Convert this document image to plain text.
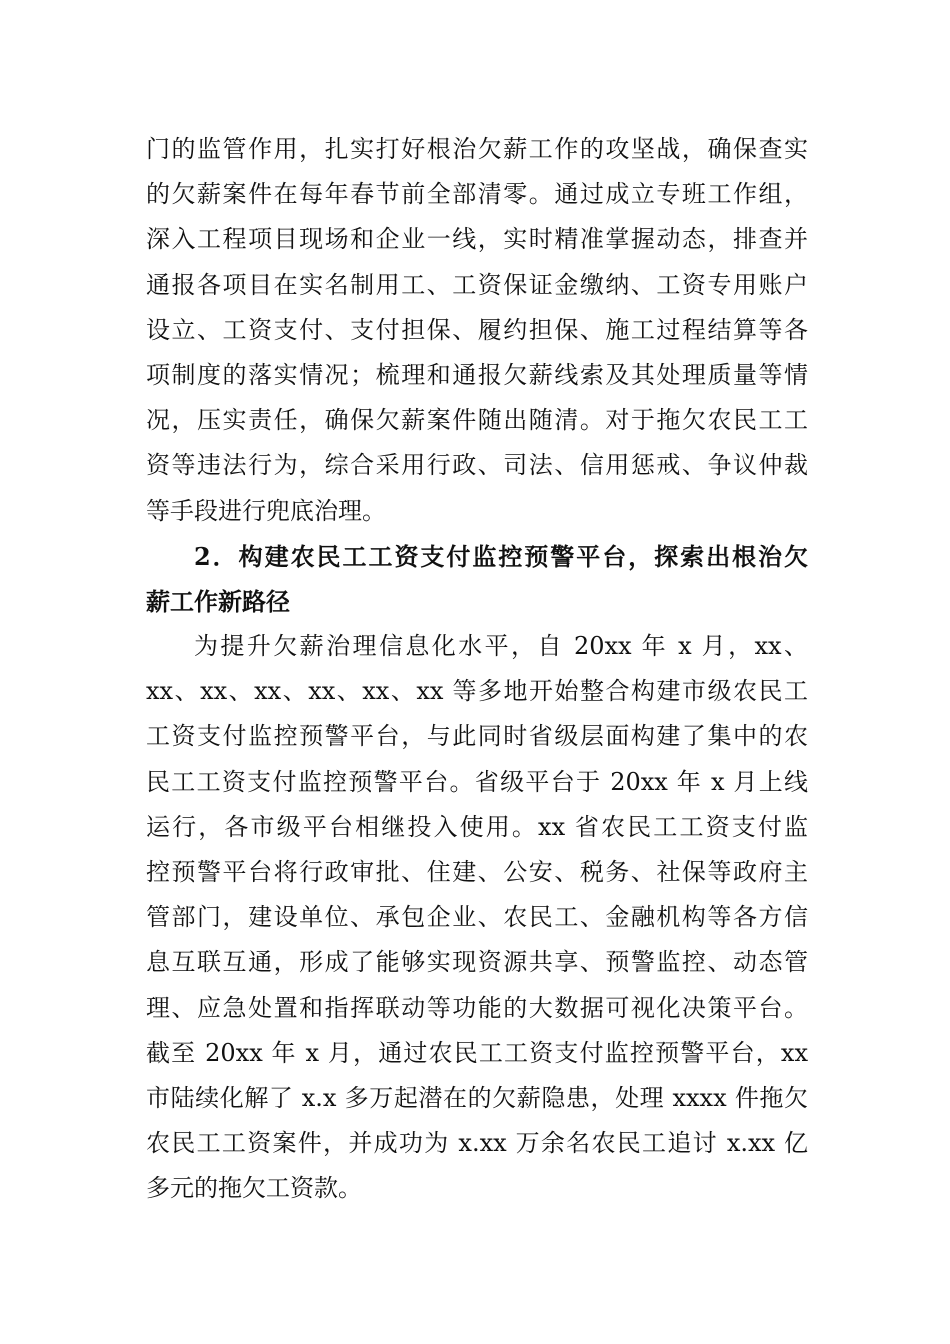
门的监管作用，扎实打好根治欠薪工作的攻坚战，确保查实
的欠薪案件在每年春节前全部清零。通过成立专班工作组，
深入工程项目现场和企业一线，实时精准掌握动态，排查并
通报各项目在实名制用工、工资保证金缴纳、工资专用账户
设立、工资支付、支付担保、履约担保、施工过程结算等各
项制度的落实情况；梳理和通报欠薪线索及其处理质量等情
况，压实责任，确保欠薪案件随出随清。对于拖欠农民工工
资等违法行为，综合采用行政、司法、信用惩戒、争议仲裁
等手段进行兜底治理。
2．构建农民工工资支付监控预警平台，探索出根治欠
薪工作新路径
为提升欠薪治理信息化水平，自 20xx 年 x 月，xx、
xx、xx、xx、xx、xx、xx 等多地开始整合构建市级农民工
工资支付监控预警平台，与此同时省级层面构建了集中的农
民工工资支付监控预警平台。省级平台于 20xx 年 x 月上线
运行，各市级平台相继投入使用。xx 省农民工工资支付监
控预警平台将行政审批、住建、公安、税务、社保等政府主
管部门，建设单位、承包企业、农民工、金融机构等各方信
息互联互通，形成了能够实现资源共享、预警监控、动态管
理、应急处置和指挥联动等功能的大数据可视化决策平台。
截至 20xx 年 x 月，通过农民工工资支付监控预警平台，xx
市陆续化解了 x.x 多万起潜在的欠薪隐患，处理 xxxx 件拖欠
农民工工资案件，并成功为 x.xx 万余名农民工追讨 x.xx 亿
多元的拖欠工资款。
